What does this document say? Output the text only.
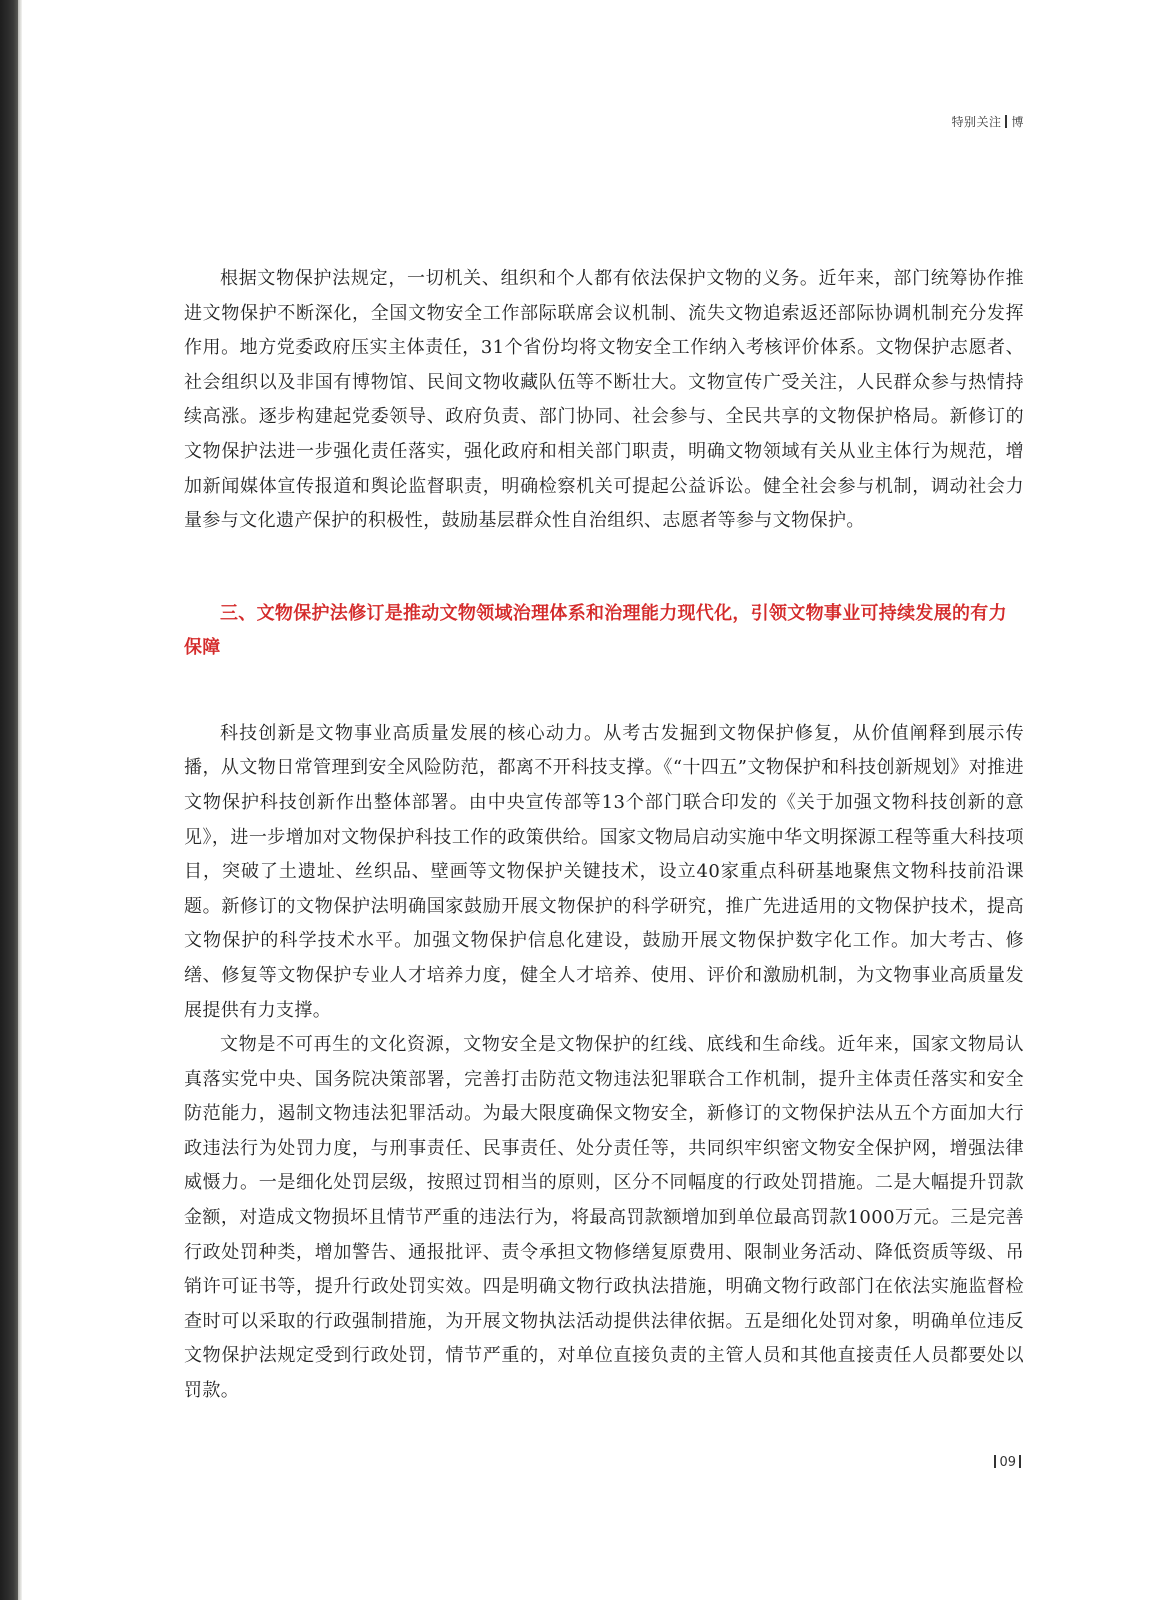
特别关注 博

根据文物保护法规定，一切机关、组织和个人都有依法保护文物的义务。近年来，部门统筹协作推进文物保护不断深化，全国文物安全工作部际联席会议机制、流失文物追索返还部际协调机制充分发挥作用。地方党委政府压实主体责任，31个省份均将文物安全工作纳入考核评价体系。文物保护志愿者、社会组织以及非国有博物馆、民间文物收藏队伍等不断壮大。文物宣传广受关注，人民群众参与热情持续高涨。逐步构建起党委领导、政府负责、部门协同、社会参与、全民共享的文物保护格局。新修订的文物保护法进一步强化责任落实，强化政府和相关部门职责，明确文物领域有关从业主体行为规范，增加新闻媒体宣传报道和舆论监督职责，明确检察机关可提起公益诉讼。健全社会参与机制，调动社会力量参与文化遗产保护的积极性，鼓励基层群众性自治组织、志愿者等参与文物保护。

三、文物保护法修订是推动文物领域治理体系和治理能力现代化，引领文物事业可持续发展的有力保障

科技创新是文物事业高质量发展的核心动力。从考古发掘到文物保护修复，从价值阐释到展示传播，从文物日常管理到安全风险防范，都离不开科技支撑。《“十四五”文物保护和科技创新规划》对推进文物保护科技创新作出整体部署。由中央宣传部等13个部门联合印发的《关于加强文物科技创新的意见》，进一步增加对文物保护科技工作的政策供给。国家文物局启动实施中华文明探源工程等重大科技项目，突破了土遗址、丝织品、壁画等文物保护关键技术，设立40家重点科研基地聚焦文物科技前沿课题。新修订的文物保护法明确国家鼓励开展文物保护的科学研究，推广先进适用的文物保护技术，提高文物保护的科学技术水平。加强文物保护信息化建设，鼓励开展文物保护数字化工作。加大考古、修缮、修复等文物保护专业人才培养力度，健全人才培养、使用、评价和激励机制，为文物事业高质量发展提供有力支撑。

文物是不可再生的文化资源，文物安全是文物保护的红线、底线和生命线。近年来，国家文物局认真落实党中央、国务院决策部署，完善打击防范文物违法犯罪联合工作机制，提升主体责任落实和安全防范能力，遏制文物违法犯罪活动。为最大限度确保文物安全，新修订的文物保护法从五个方面加大行政违法行为处罚力度，与刑事责任、民事责任、处分责任等，共同织牢织密文物安全保护网，增强法律威慑力。一是细化处罚层级，按照过罚相当的原则，区分不同幅度的行政处罚措施。二是大幅提升罚款金额，对造成文物损坏且情节严重的违法行为，将最高罚款额增加到单位最高罚款1000万元。三是完善行政处罚种类，增加警告、通报批评、责令承担文物修缮复原费用、限制业务活动、降低资质等级、吊销许可证书等，提升行政处罚实效。四是明确文物行政执法措施，明确文物行政部门在依法实施监督检查时可以采取的行政强制措施，为开展文物执法活动提供法律依据。五是细化处罚对象，明确单位违反文物保护法规定受到行政处罚，情节严重的，对单位直接负责的主管人员和其他直接责任人员都要处以罚款。

09
